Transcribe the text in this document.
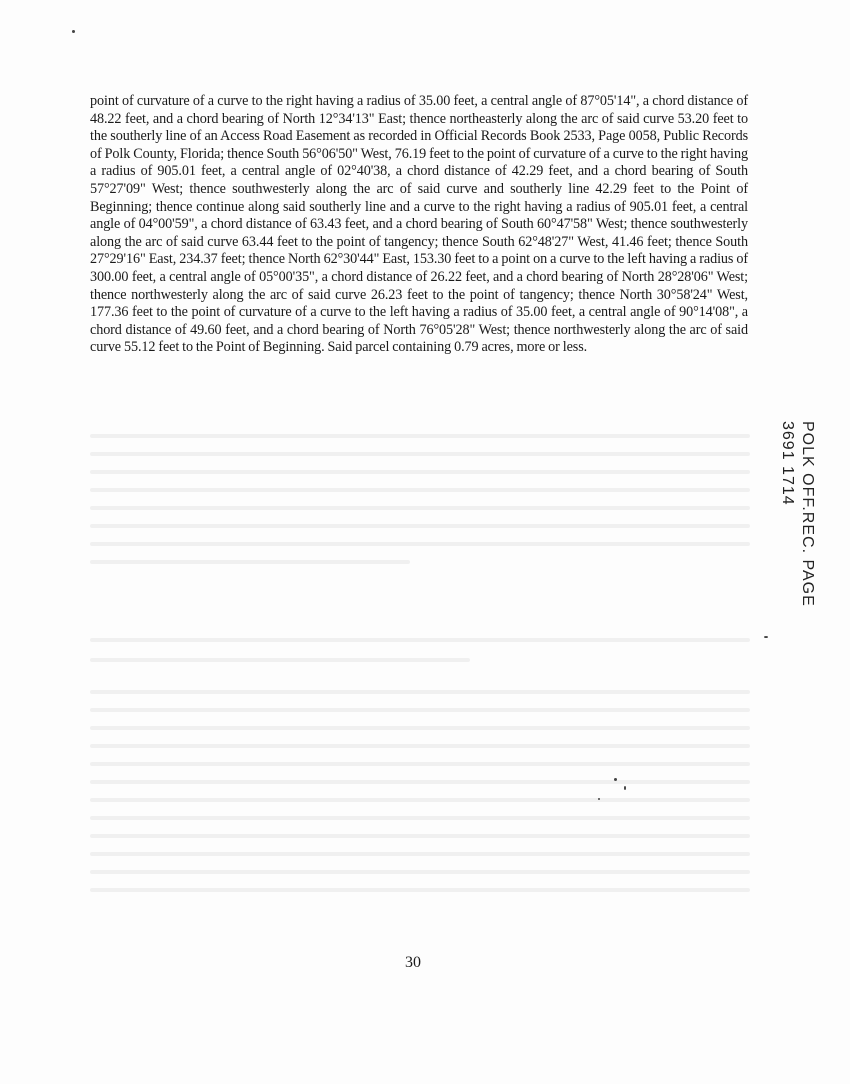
point of curvature of a curve to the right having a radius of 35.00 feet, a central angle of 87°05'14", a chord distance of 48.22 feet, and a chord bearing of North 12°34'13" East; thence northeasterly along the arc of said curve 53.20 feet to the southerly line of an Access Road Easement as recorded in Official Records Book 2533, Page 0058, Public Records of Polk County, Florida; thence South 56°06'50" West, 76.19 feet to the point of curvature of a curve to the right having a radius of 905.01 feet, a central angle of 02°40'38, a chord distance of 42.29 feet, and a chord bearing of South 57°27'09" West; thence southwesterly along the arc of said curve and southerly line 42.29 feet to the Point of Beginning; thence continue along said southerly line and a curve to the right having a radius of 905.01 feet, a central angle of 04°00'59", a chord distance of 63.43 feet, and a chord bearing of South 60°47'58" West; thence southwesterly along the arc of said curve 63.44 feet to the point of tangency; thence South 62°48'27" West, 41.46 feet; thence South 27°29'16" East, 234.37 feet; thence North 62°30'44" East, 153.30 feet to a point on a curve to the left having a radius of 300.00 feet, a central angle of 05°00'35", a chord distance of 26.22 feet, and a chord bearing of North 28°28'06" West; thence northwesterly along the arc of said curve 26.23 feet to the point of tangency; thence North 30°58'24" West, 177.36 feet to the point of curvature of a curve to the left having a radius of 35.00 feet, a central angle of 90°14'08", a chord distance of 49.60 feet, and a chord bearing of North 76°05'28" West; thence northwesterly along the arc of said curve 55.12 feet to the Point of Beginning. Said parcel containing 0.79 acres, more or less.

30
POLK OFF.REC. PAGE
3691 1714
